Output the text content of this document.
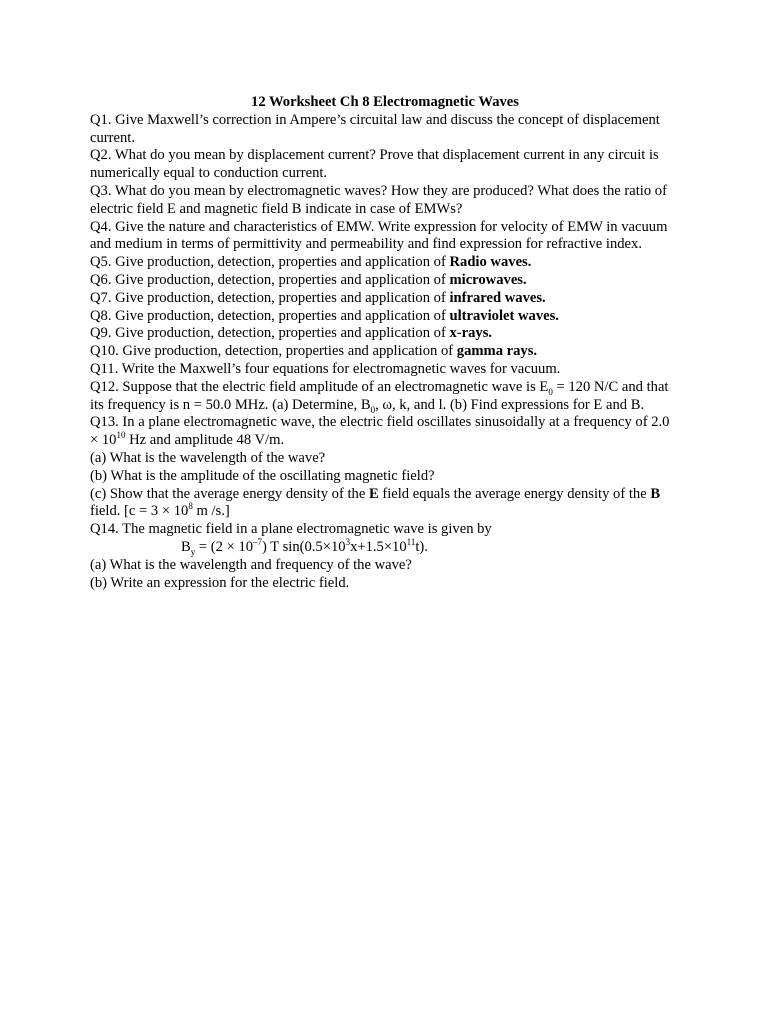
12 Worksheet Ch 8 Electromagnetic Waves

Q1. Give Maxwell’s correction in Ampere’s circuital law and discuss the concept of displacement current.

Q2. What do you mean by displacement current? Prove that displacement current in any circuit is numerically equal to conduction current.

Q3. What do you mean by electromagnetic waves? How they are produced? What does the ratio of electric field E and magnetic field B indicate in case of EMWs?

Q4. Give the nature and characteristics of EMW. Write expression for velocity of EMW in vacuum and medium in terms of permittivity and permeability and find expression for refractive index.

Q5. Give production, detection, properties and application of Radio waves.

Q6. Give production, detection, properties and application of microwaves.

Q7. Give production, detection, properties and application of infrared waves.

Q8. Give production, detection, properties and application of ultraviolet waves.

Q9. Give production, detection, properties and application of x-rays.

Q10. Give production, detection, properties and application of gamma rays.

Q11. Write the Maxwell’s four equations for electromagnetic waves for vacuum.

Q12. Suppose that the electric field amplitude of an electromagnetic wave is $E_0 = 120$ N/C and that its frequency is n = 50.0 MHz. (a) Determine, $B_0$, ω, k, and l. (b) Find expressions for E and B.

Q13. In a plane electromagnetic wave, the electric field oscillates sinusoidally at a frequency of $2.0 \times 10^{10}$ Hz and amplitude 48 V/m.

(a) What is the wavelength of the wave?

(b) What is the amplitude of the oscillating magnetic field?

(c) Show that the average energy density of the E field equals the average energy density of the B field. [$c = 3 \times 10^8$ m /s.]

Q14. The magnetic field in a plane electromagnetic wave is given by

$B_y = (2 \times 10^{-7})$ T $\sin(0.5\times 10^3x+1.5\times 10^{11}t)$.

(a) What is the wavelength and frequency of the wave?

(b) Write an expression for the electric field.
